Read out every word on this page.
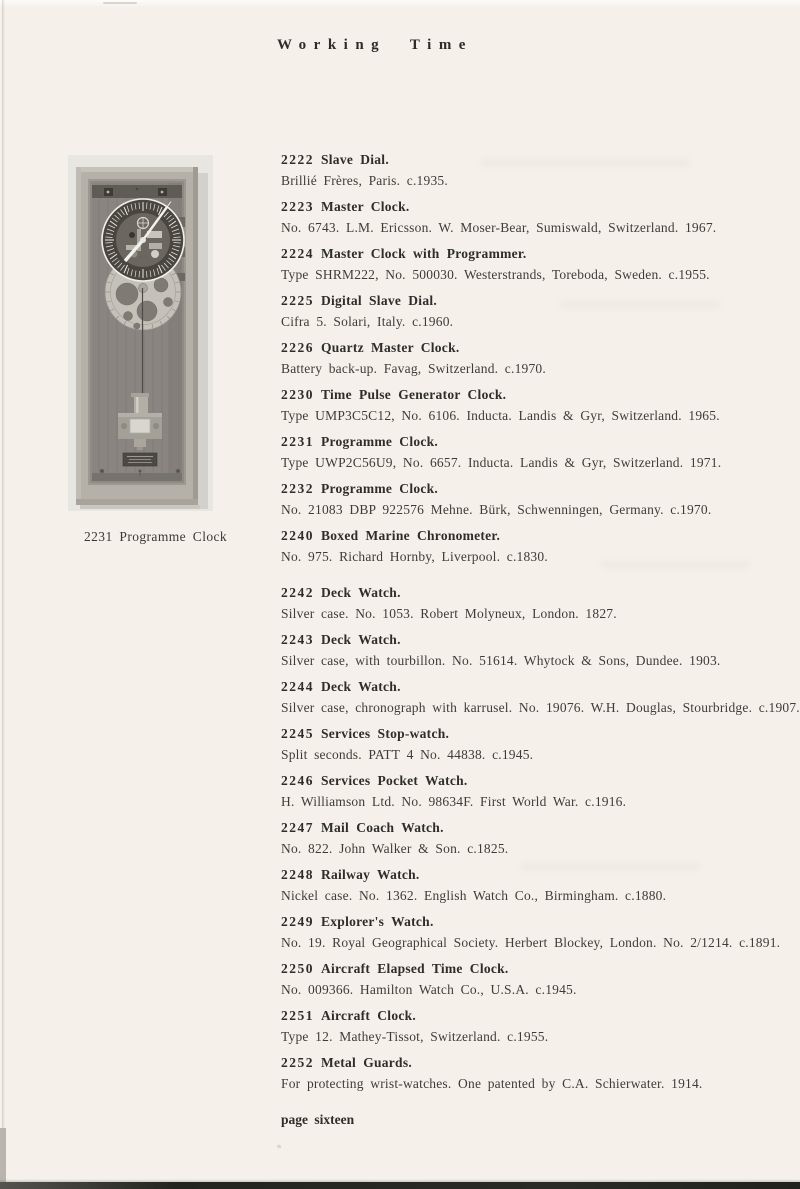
*
Working Time
2231 Programme Clock
2222 Slave Dial.
Brillié Frères, Paris. c.1935.
2223 Master Clock.
No. 6743. L.M. Ericsson. W. Moser-Bear, Sumiswald, Switzerland. 1967.
2224 Master Clock with Programmer.
Type SHRM222, No. 500030. Westerstrands, Toreboda, Sweden. c.1955.
2225 Digital Slave Dial.
Cifra 5. Solari, Italy. c.1960.
2226 Quartz Master Clock.
Battery back-up. Favag, Switzerland. c.1970.
2230 Time Pulse Generator Clock.
Type UMP3C5C12, No. 6106. Inducta. Landis & Gyr, Switzerland. 1965.
2231 Programme Clock.
Type UWP2C56U9, No. 6657. Inducta. Landis & Gyr, Switzerland. 1971.
2232 Programme Clock.
No. 21083 DBP 922576 Mehne. Bürk, Schwenningen, Germany. c.1970.
2240 Boxed Marine Chronometer.
No. 975. Richard Hornby, Liverpool. c.1830.
2242 Deck Watch.
Silver case. No. 1053. Robert Molyneux, London. 1827.
2243 Deck Watch.
Silver case, with tourbillon. No. 51614. Whytock & Sons, Dundee. 1903.
2244 Deck Watch.
Silver case, chronograph with karrusel. No. 19076. W.H. Douglas, Stourbridge. c.1907.
2245 Services Stop-watch.
Split seconds. PATT 4 No. 44838. c.1945.
2246 Services Pocket Watch.
H. Williamson Ltd. No. 98634F. First World War. c.1916.
2247 Mail Coach Watch.
No. 822. John Walker & Son. c.1825.
2248 Railway Watch.
Nickel case. No. 1362. English Watch Co., Birmingham. c.1880.
2249 Explorer's Watch.
No. 19. Royal Geographical Society. Herbert Blockey, London. No. 2/1214. c.1891.
2250 Aircraft Elapsed Time Clock.
No. 009366. Hamilton Watch Co., U.S.A. c.1945.
2251 Aircraft Clock.
Type 12. Mathey-Tissot, Switzerland. c.1955.
2252 Metal Guards.
For protecting wrist-watches. One patented by C.A. Schierwater. 1914.
page sixteen
